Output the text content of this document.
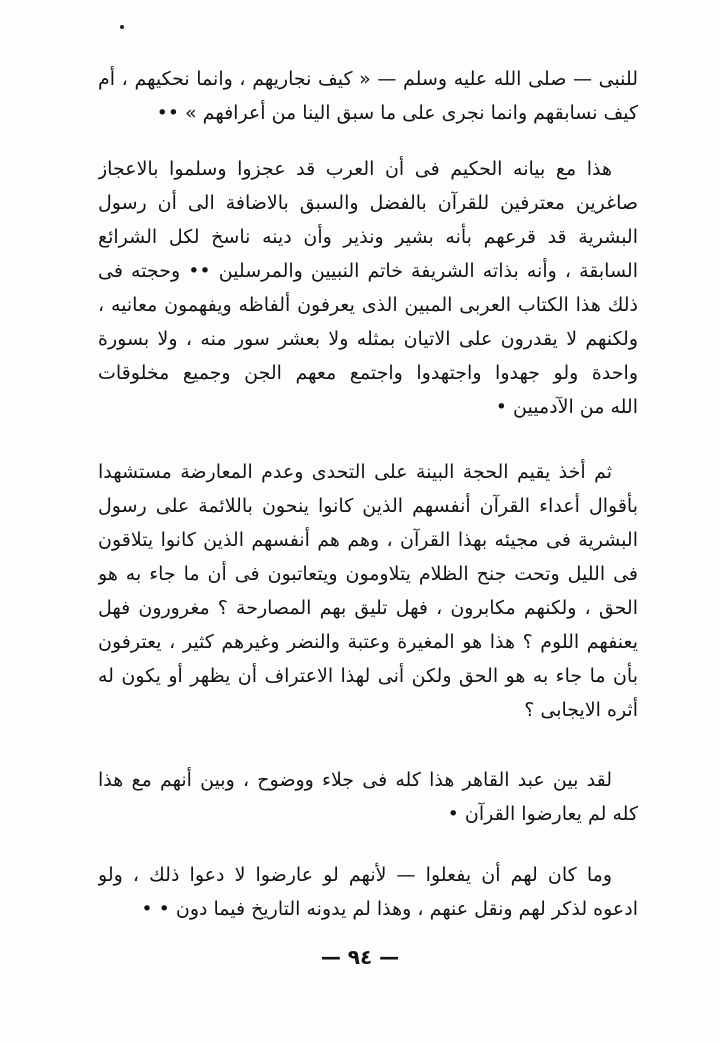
للنبى — صلى الله عليه وسلم — « كيف نجاريهم ، وانما نحكيهم ، أم
كيف نسابقهم وانما نجرى على ما سبق الينا من أعرافهم » ••
هذا مع بيانه الحكيم فى أن العرب قد عجزوا وسلموا بالاعجاز
صاغرين معترفين للقرآن بالفضل والسبق بالاضافة الى أن رسول
البشرية قد قرعهم بأنه بشير ونذير وأن دينه ناسخ لكل الشرائع
السابقة ، وأنه بذاته الشريفة خاتم النبيين والمرسلين •• وحجته فى
ذلك هذا الكتاب العربى المبين الذى يعرفون ألفاظه ويفهمون معانيه ،
ولكنهم لا يقدرون على الاتيان بمثله ولا بعشر سور منه ، ولا بسورة
واحدة ولو جهدوا واجتهدوا واجتمع معهم الجن وجميع مخلوقات
الله من الآدميين •
ثم أخذ يقيم الحجة البينة على التحدى وعدم المعارضة مستشهدا
بأقوال أعداء القرآن أنفسهم الذين كانوا ينحون باللائمة على رسول
البشرية فى مجيئه بهذا القرآن ، وهم هم أنفسهم الذين كانوا يتلاقون
فى الليل وتحت جنح الظلام يتلاومون ويتعاتبون فى أن ما جاء به هو
الحق ، ولكنهم مكابرون ، فهل تليق بهم المصارحة ؟ مغرورون فهل
يعنفهم اللوم ؟ هذا هو المغيرة وعتبة والنضر وغيرهم كثير ، يعترفون
بأن ما جاء به هو الحق ولكن أنى لهذا الاعتراف أن يظهر أو يكون له
أثره الايجابى ؟
لقد بين عبد القاهر هذا كله فى جلاء ووضوح ، وبين أنهم مع هذا
كله لم يعارضوا القرآن •
وما كان لهم أن يفعلوا — لأنهم لو عارضوا لا دعوا ذلك ، ولو
ادعوه لذكر لهم ونقل عنهم ، وهذا لم يدونه التاريخ فيما دون • •
— ٩٤ —
